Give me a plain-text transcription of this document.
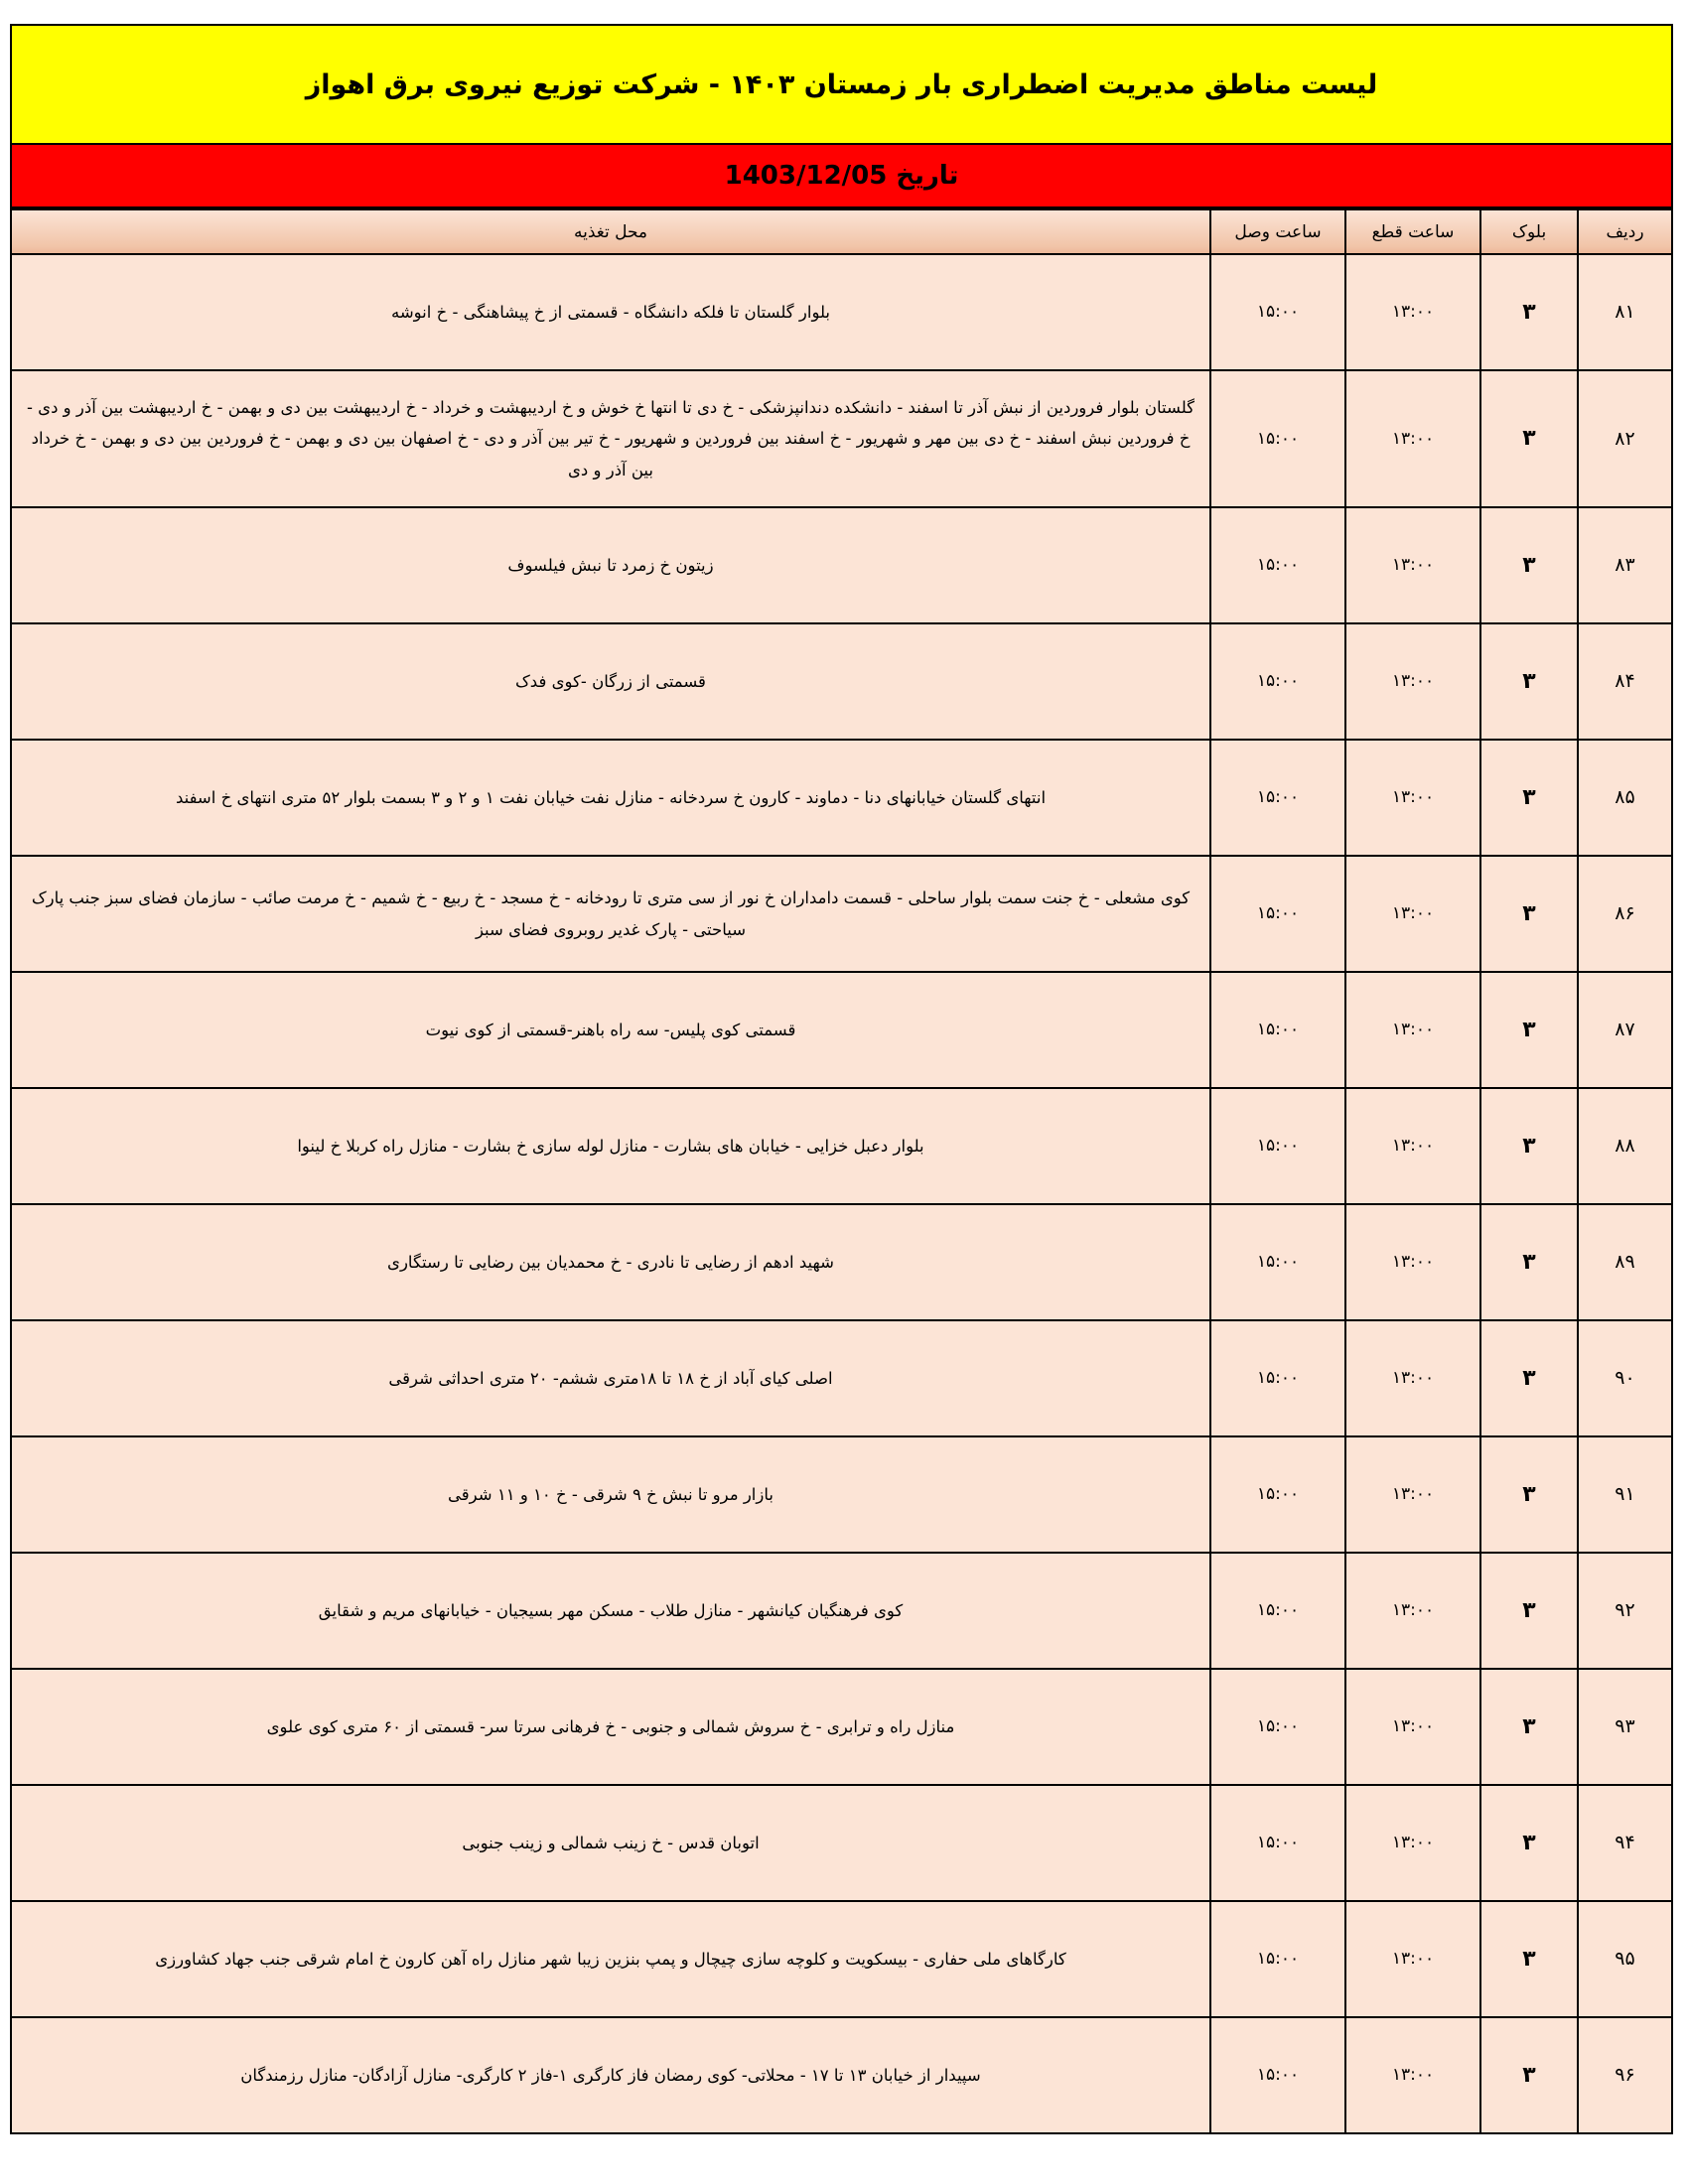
لیست مناطق مدیریت اضطراری بار زمستان ۱۴۰۳ - شرکت توزیع نیروی برق اهواز
تاریخ 1403/12/05
ردیف	بلوک	ساعت قطع	ساعت وصل	محل تغذیه
۸۱	۳	۱۳:۰۰	۱۵:۰۰	بلوار گلستان تا فلکه دانشگاه - قسمتی از خ پیشاهنگی - خ انوشه
۸۲	۳	۱۳:۰۰	۱۵:۰۰	گلستان بلوار فروردین از نبش آذر تا اسفند - دانشکده دندانپزشکی - خ دی تا انتها خ خوش و خ اردیبهشت و خرداد - خ اردیبهشت بین دی و بهمن - خ اردیبهشت بین آذر و دی - خ فروردین نبش اسفند - خ دی بین مهر و شهریور - خ اسفند بین فروردین و شهریور - خ تیر بین آذر و دی - خ اصفهان بین دی و بهمن - خ فروردین بین دی و بهمن - خ خرداد بین آذر و دی
۸۳	۳	۱۳:۰۰	۱۵:۰۰	زیتون خ زمرد تا نبش فیلسوف
۸۴	۳	۱۳:۰۰	۱۵:۰۰	قسمتی از زرگان -کوی فدک
۸۵	۳	۱۳:۰۰	۱۵:۰۰	انتهای گلستان خیابانهای دنا - دماوند - کارون خ سردخانه - منازل نفت خیابان نفت ۱ و ۲ و ۳ بسمت بلوار ۵۲ متری انتهای خ اسفند
۸۶	۳	۱۳:۰۰	۱۵:۰۰	کوی مشعلی - خ جنت سمت بلوار ساحلی - قسمت دامداران خ نور از سی متری تا رودخانه - خ مسجد - خ ربیع - خ شمیم - خ مرمت صائب - سازمان فضای سبز جنب پارک سیاحتی - پارک غدیر روبروی فضای سبز
۸۷	۳	۱۳:۰۰	۱۵:۰۰	قسمتی کوی پلیس- سه راه باهنر-قسمتی از کوی نیوت
۸۸	۳	۱۳:۰۰	۱۵:۰۰	بلوار دعبل خزایی - خیابان های بشارت - منازل لوله سازی خ بشارت - منازل راه کربلا خ لینوا
۸۹	۳	۱۳:۰۰	۱۵:۰۰	شهید ادهم از رضایی تا نادری - خ محمدیان بین رضایی تا رستگاری
۹۰	۳	۱۳:۰۰	۱۵:۰۰	اصلی کیای آباد از خ ۱۸ تا ۱۸متری ششم- ۲۰ متری احداثی شرقی
۹۱	۳	۱۳:۰۰	۱۵:۰۰	بازار مرو تا نبش خ ۹ شرقی - خ ۱۰ و ۱۱ شرقی
۹۲	۳	۱۳:۰۰	۱۵:۰۰	کوی فرهنگیان کیانشهر - منازل طلاب - مسکن مهر بسیجیان - خیابانهای مریم و شقایق
۹۳	۳	۱۳:۰۰	۱۵:۰۰	منازل راه و ترابری - خ سروش شمالی و جنوبی - خ فرهانی سرتا سر- قسمتی از ۶۰ متری کوی علوی
۹۴	۳	۱۳:۰۰	۱۵:۰۰	اتوبان قدس - خ زینب شمالی و زینب جنوبی
۹۵	۳	۱۳:۰۰	۱۵:۰۰	کارگاهای ملی حفاری - بیسکویت و کلوچه سازی چیچال و پمپ بنزین زیبا شهر منازل راه آهن کارون خ امام شرقی جنب جهاد کشاورزی
۹۶	۳	۱۳:۰۰	۱۵:۰۰	سپیدار از خیابان ۱۳ تا ۱۷ - محلاتی- کوی رمضان فاز کارگری ۱-فاز ۲ کارگری- منازل آزادگان- منازل رزمندگان
